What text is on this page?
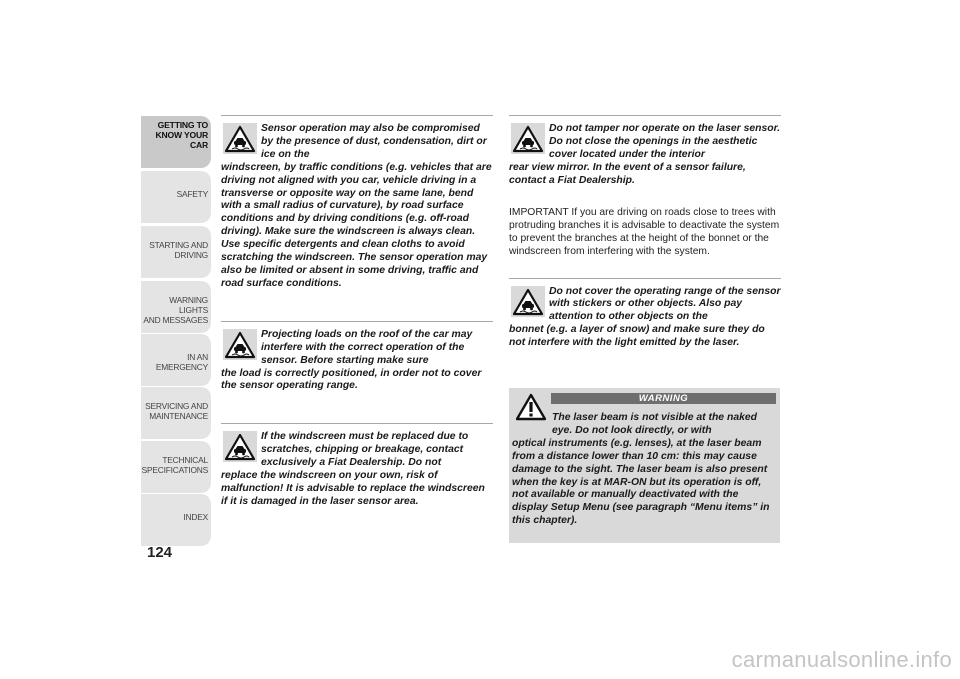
GETTING TO
KNOW YOUR CAR
SAFETY
STARTING AND
DRIVING
WARNING LIGHTS
AND MESSAGES
IN AN EMERGENCY
SERVICING AND
MAINTENANCE
TECHNICAL
SPECIFICATIONS
INDEX
124

Sensor operation may also be compromised by the presence of dust, condensation, dirt or ice on the
windscreen, by traffic conditions (e.g. vehicles that are driving not aligned with you car, vehicle driving in a transverse or opposite way on the same lane, bend with a small radius of curvature), by road surface conditions and by driving conditions (e.g. off-road driving). Make sure the windscreen is always clean. Use specific detergents and clean cloths to avoid scratching the windscreen. The sensor operation may also be limited or absent in some driving, traffic and road surface conditions.

Projecting loads on the roof of the car may interfere with the correct operation of the sensor. Before starting make sure
the load is correctly positioned, in order not to cover the sensor operating range.

If the windscreen must be replaced due to scratches, chipping or breakage, contact exclusively a Fiat Dealership. Do not
replace the windscreen on your own, risk of malfunction! It is advisable to replace the windscreen if it is damaged in the laser sensor area.

Do not tamper nor operate on the laser sensor. Do not close the openings in the aesthetic cover located under the interior
rear view mirror. In the event of a sensor failure, contact a Fiat Dealership.

IMPORTANT If you are driving on roads close to trees with protruding branches it is advisable to deactivate the system to prevent the branches at the height of the bonnet or the windscreen from interfering with the system.

Do not cover the operating range of the sensor with stickers or other objects. Also pay attention to other objects on the
bonnet (e.g. a layer of snow) and make sure they do not interfere with the light emitted by the laser.

WARNING

The laser beam is not visible at the naked eye. Do not look directly, or with
optical instruments (e.g. lenses), at the laser beam from a distance lower than 10 cm: this may cause damage to the sight. The laser beam is also present when the key is at MAR-ON but its operation is off, not available or manually deactivated with the display Setup Menu (see paragraph “Menu items” in this chapter).

carmanualsonline.info
